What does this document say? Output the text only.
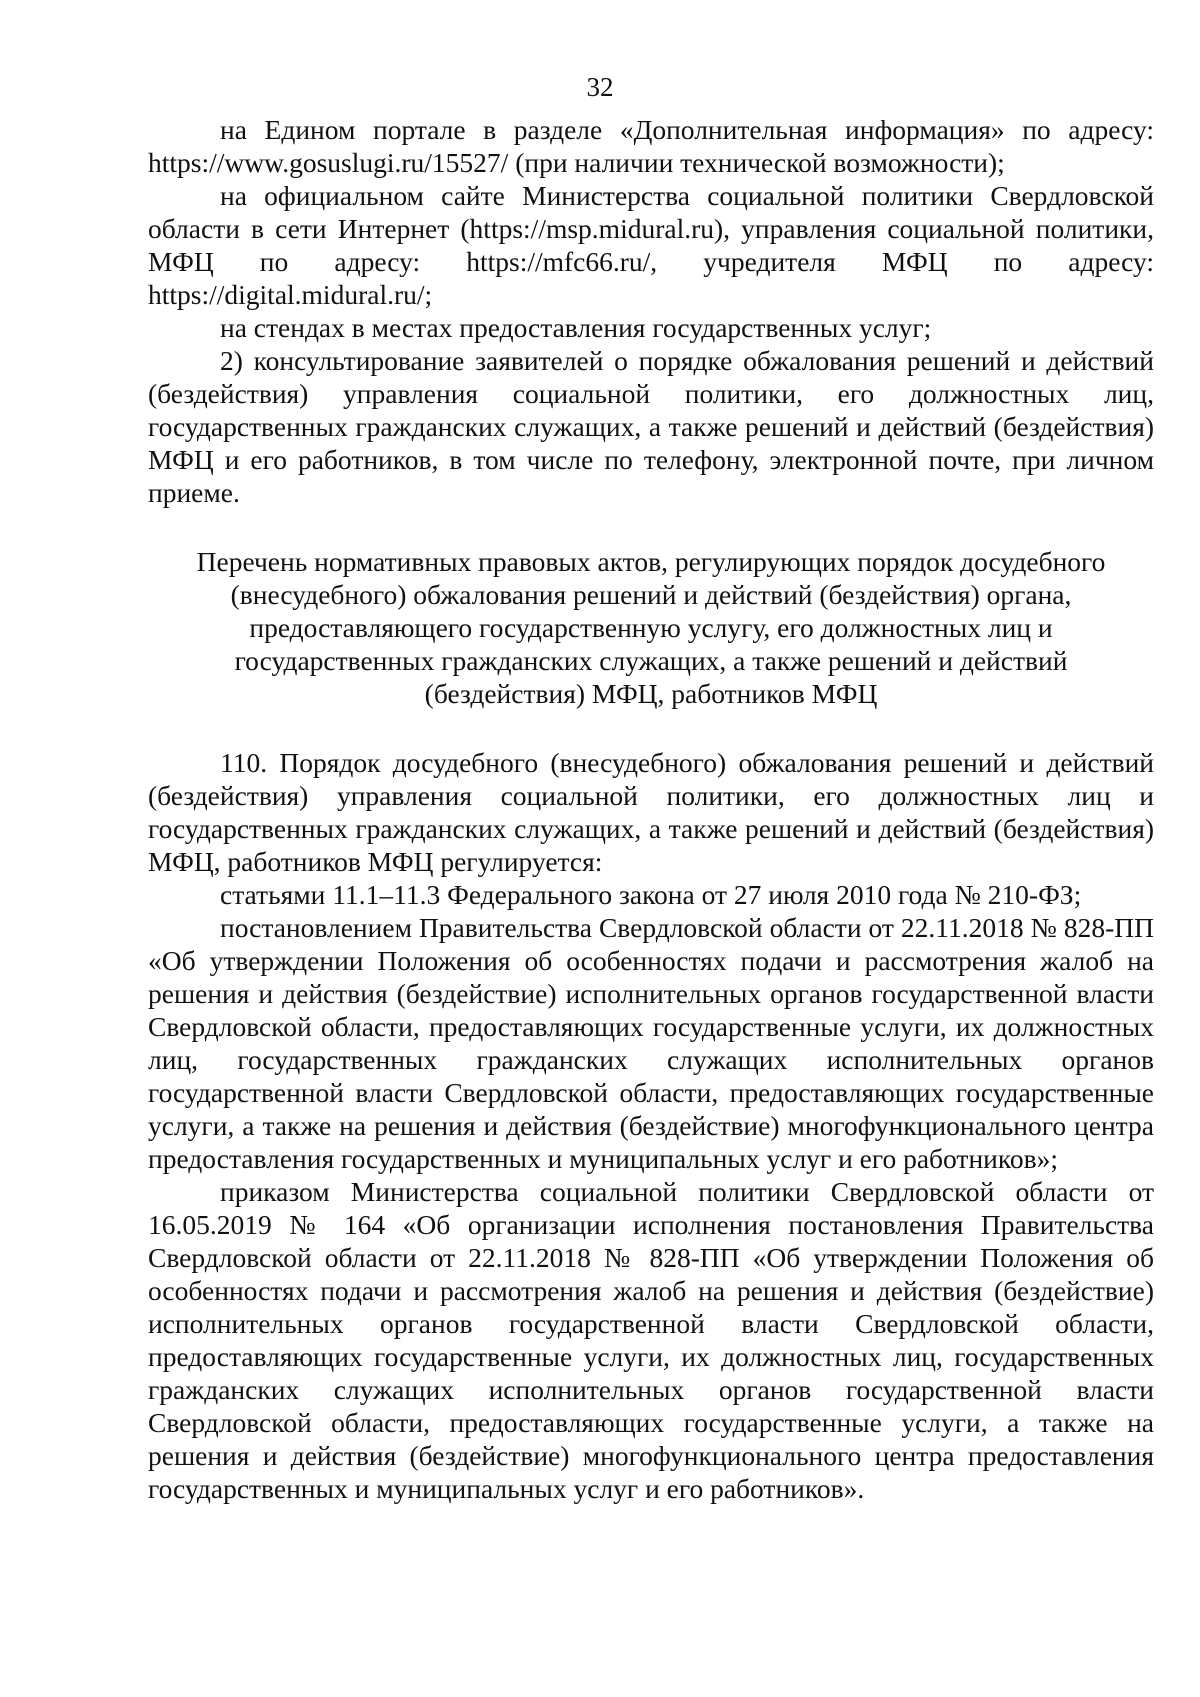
32

на Едином портале в разделе «Дополнительная информация» по адресу: https://www.gosuslugi.ru/15527/ (при наличии технической возможности);

на официальном сайте Министерства социальной политики Свердловской области в сети Интернет (https://msp.midural.ru), управления социальной политики, МФЦ по адресу: https://mfc66.ru/, учредителя МФЦ по адресу: https://digital.midural.ru/;

на стендах в местах предоставления государственных услуг;

2) консультирование заявителей о порядке обжалования решений и действий (бездействия) управления социальной политики, его должностных лиц, государственных гражданских служащих, а также решений и действий (бездействия) МФЦ и его работников, в том числе по телефону, электронной почте, при личном приеме.

Перечень нормативных правовых актов, регулирующих порядок досудебного
(внесудебного) обжалования решений и действий (бездействия) органа,
предоставляющего государственную услугу, его должностных лиц и
государственных гражданских служащих, а также решений и действий
(бездействия) МФЦ, работников МФЦ

110. Порядок досудебного (внесудебного) обжалования решений и действий (бездействия) управления социальной политики, его должностных лиц и государственных гражданских служащих, а также решений и действий (бездействия) МФЦ, работников МФЦ регулируется:

статьями 11.1–11.3 Федерального закона от 27 июля 2010 года № 210-ФЗ;

постановлением Правительства Свердловской области от 22.11.2018 № 828-ПП «Об утверждении Положения об особенностях подачи и рассмотрения жалоб на решения и действия (бездействие) исполнительных органов государственной власти Свердловской области, предоставляющих государственные услуги, их должностных лиц, государственных гражданских служащих исполнительных органов государственной власти Свердловской области, предоставляющих государственные услуги, а также на решения и действия (бездействие) многофункционального центра предоставления государственных и муниципальных услуг и его работников»;

приказом Министерства социальной политики Свердловской области от 16.05.2019 № 164 «Об организации исполнения постановления Правительства Свердловской области от 22.11.2018 № 828-ПП «Об утверждении Положения об особенностях подачи и рассмотрения жалоб на решения и действия (бездействие) исполнительных органов государственной власти Свердловской области, предоставляющих государственные услуги, их должностных лиц, государственных гражданских служащих исполнительных органов государственной власти Свердловской области, предоставляющих государственные услуги, а также на решения и действия (бездействие) многофункционального центра предоставления государственных и муниципальных услуг и его работников».
